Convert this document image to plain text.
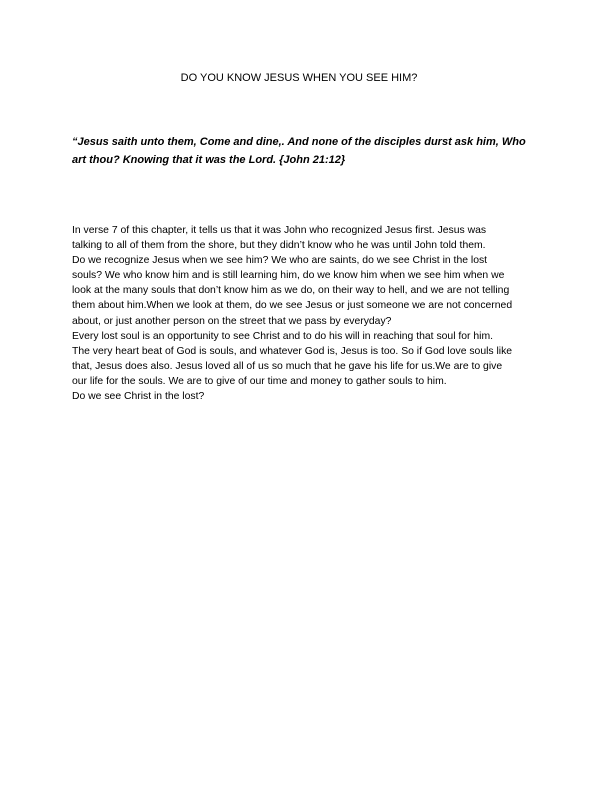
DO YOU KNOW JESUS WHEN YOU SEE HIM?

“Jesus saith unto them, Come and dine,. And none of the disciples durst ask him, Who
art thou? Knowing that it was the Lord. {John 21:12}

In verse 7 of this chapter, it tells us that it was John who recognized Jesus first. Jesus was
talking to all of them from the shore, but they didn’t know who he was until John told them.
Do we recognize Jesus when we see him? We who are saints, do we see Christ in the lost
souls? We who know him and is still learning him, do we know him when we see him when we
look at the many souls that don’t know him as we do, on their way to hell, and we are not telling
them about him.When we look at them, do we see Jesus or just someone we are not concerned
about, or just another person on the street that we pass by everyday?
Every lost soul is an opportunity to see Christ and to do his will in reaching that soul for him.
The very heart beat of God is souls, and whatever God is, Jesus is too. So if God love souls like
that, Jesus does also. Jesus loved all of us so much that he gave his life for us.We are to give
our life for the souls. We are to give of our time and money to gather souls to him.
Do we see Christ in the lost?
